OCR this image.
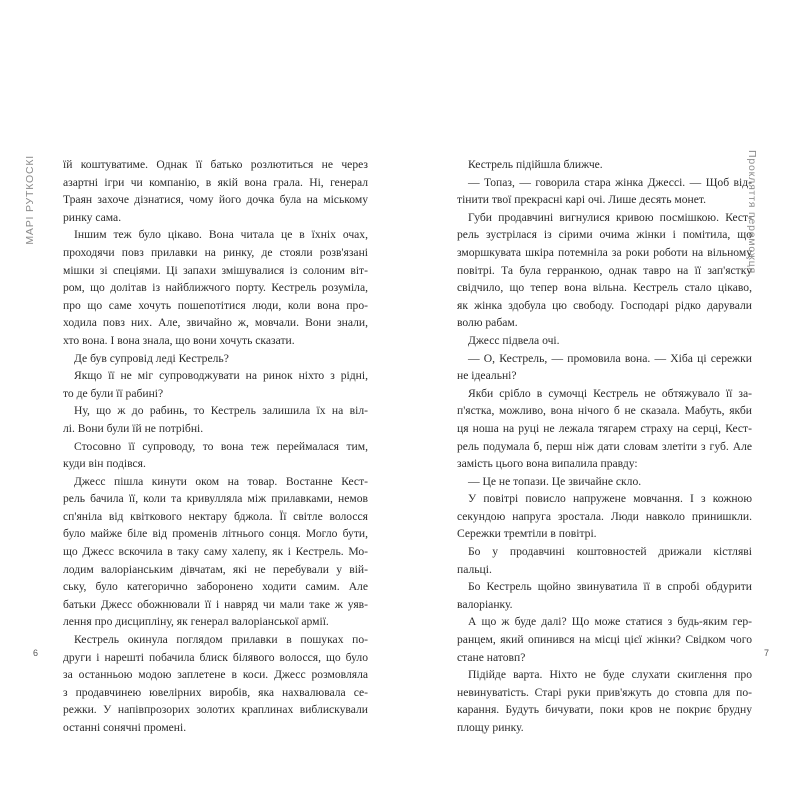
МАРІ РУТКОСКІ їй коштуватиме. Однак її батько розлютиться не через
азартні ігри чи компанію, в якій вона грала. Ні, генерал
Траян захоче дізнатися, чому його дочка була на міському
ринку сама.
Іншим теж було цікаво. Вона читала це в їхніх очах,
проходячи повз прилавки на ринку, де стояли розв'язані
мішки зі спеціями. Ці запахи змішувалися із солоним віт-
ром, що долітав із найближчого порту. Кестрель розуміла,
про що саме хочуть пошепотітися люди, коли вона про-
ходила повз них. Але, звичайно ж, мовчали. Вони знали,
хто вона. І вона знала, що вони хочуть сказати.
Де був супровід леді Кестрель?
Якщо її не міг супроводжувати на ринок ніхто з рідні,
то де були її рабині?
Ну, що ж до рабинь, то Кестрель залишила їх на віл-
лі. Вони були їй не потрібні.
Стосовно її супроводу, то вона теж переймалася тим,
куди він подівся.
Джесс пішла кинути оком на товар. Востанне Кест-
рель бачила її, коли та кривулляла між прилавками, немов
сп'яніла від квіткового нектару бджола. Її світле волосся
було майже біле від променів літнього сонця. Могло бути,
що Джесс вскочила в таку саму халепу, як і Кестрель. Мо-
лодим валоріанським дівчатам, які не перебували у вій-
ську, було категорично заборонено ходити самим. Але
батьки Джесс обожнювали її і навряд чи мали таке ж уяв-
лення про дисципліну, як генерал валоріанської армії.
Кестрель окинула поглядом прилавки в пошуках по-
други і нарешті побачила блиск білявого волосся, що було
за останньою модою заплетене в коси. Джесс розмовляла
з продавчинею ювелірних виробів, яка нахвалювала се-
режки. У напівпрозорих золотих краплинах виблискували
останні сонячні промені.
6
Прокляття переможця
Кестрель підійшла ближче.
— Топаз, — говорила стара жінка Джессі. — Щоб від-
тінити твої прекрасні карі очі. Лише десять монет.
Губи продавчині вигнулися кривою посмішкою. Кест-
рель зустрілася із сірими очима жінки і помітила, що
зморшкувата шкіра потемніла за роки роботи на вільному
повітрі. Та була герранкою, однак тавро на її зап'ястку
свідчило, що тепер вона вільна. Кестрель стало цікаво,
як жінка здобула цю свободу. Господарі рідко дарували
волю рабам.
Джесс підвела очі.
— О, Кестрель, — промовила вона. — Хіба ці сережки
не ідеальні?
Якби срібло в сумочці Кестрель не обтяжувало її за-
п'ястка, можливо, вона нічого б не сказала. Мабуть, якби
ця ноша на руці не лежала тягарем страху на серці, Кест-
рель подумала б, перш ніж дати словам злетіти з губ. Але
замість цього вона випалила правду:
— Це не топази. Це звичайне скло.
У повітрі повисло напружене мовчання. І з кожною
секундою напруга зростала. Люди навколо принишкли.
Сережки тремтіли в повітрі.
Бо у продавчині коштовностей дрижали кістляві
пальці.
Бо Кестрель щойно звинуватила її в спробі обдурити
валоріанку.
А що ж буде далі? Що може статися з будь-яким гер-
ранцем, який опинився на місці цієї жінки? Свідком чого
стане натовп?
Підійде варта. Ніхто не буде слухати скиглення про
невинуватість. Старі руки прив'яжуть до стовпа для по-
карання. Будуть бичувати, поки кров не покриє брудну
площу ринку.
7
